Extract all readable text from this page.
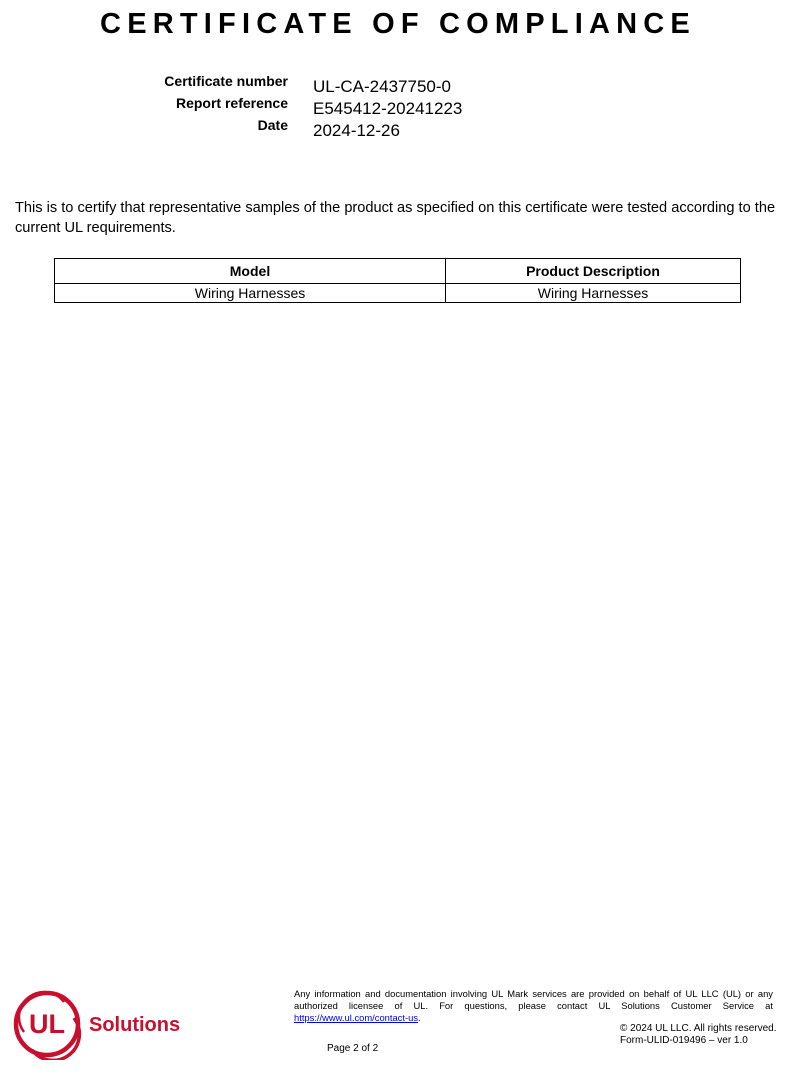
CERTIFICATE OF COMPLIANCE
Certificate number UL-CA-2437750-0
Report reference E545412-20241223
Date 2024-12-26

This is to certify that representative samples of the product as specified on this certificate were tested according to the current UL requirements.

Model	Product Description
Wiring Harnesses	Wiring Harnesses
UL Solutions

Any information and documentation involving UL Mark services are provided on behalf of UL LLC (UL) or any authorized licensee of UL. For questions, please contact UL Solutions Customer Service at https://www.ul.com/contact-us.

© 2024 UL LLC. All rights reserved.
Form-ULID-019496 – ver 1.0
Page 2 of 2
